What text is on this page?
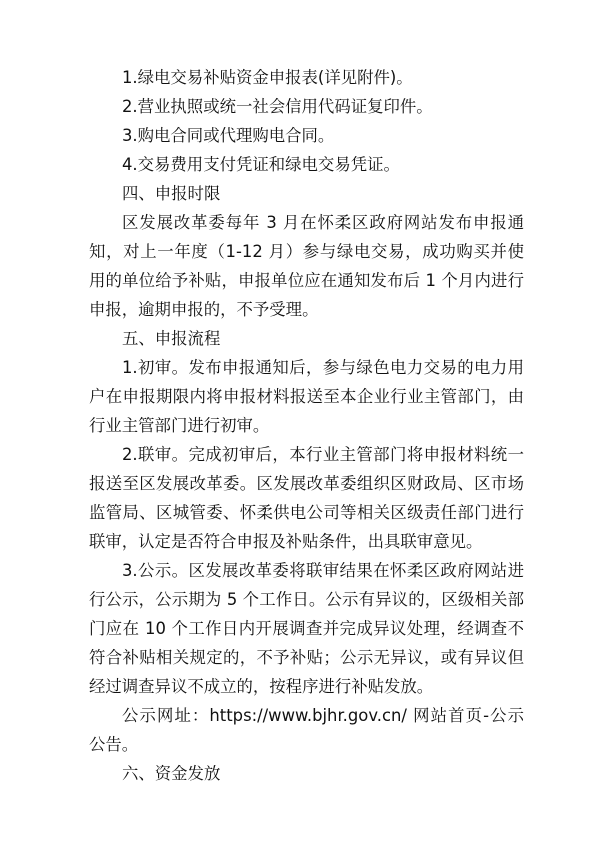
1.绿电交易补贴资金申报表(详见附件)。

2.营业执照或统一社会信用代码证复印件。

3.购电合同或代理购电合同。

4.交易费用支付凭证和绿电交易凭证。

四、申报时限

区发展改革委每年 3 月在怀柔区政府网站发布申报通知，对上一年度（1-12 月）参与绿电交易，成功购买并使用的单位给予补贴，申报单位应在通知发布后 1 个月内进行申报，逾期申报的，不予受理。

五、申报流程

1.初审。发布申报通知后，参与绿色电力交易的电力用户在申报期限内将申报材料报送至本企业行业主管部门，由行业主管部门进行初审。

2.联审。完成初审后，本行业主管部门将申报材料统一报送至区发展改革委。区发展改革委组织区财政局、区市场监管局、区城管委、怀柔供电公司等相关区级责任部门进行联审，认定是否符合申报及补贴条件，出具联审意见。

3.公示。区发展改革委将联审结果在怀柔区政府网站进行公示，公示期为 5 个工作日。公示有异议的，区级相关部门应在 10 个工作日内开展调查并完成异议处理，经调查不符合补贴相关规定的，不予补贴；公示无异议，或有异议但经过调查异议不成立的，按程序进行补贴发放。

公示网址：https://www.bjhr.gov.cn/ 网站首页-公示公告。

六、资金发放
